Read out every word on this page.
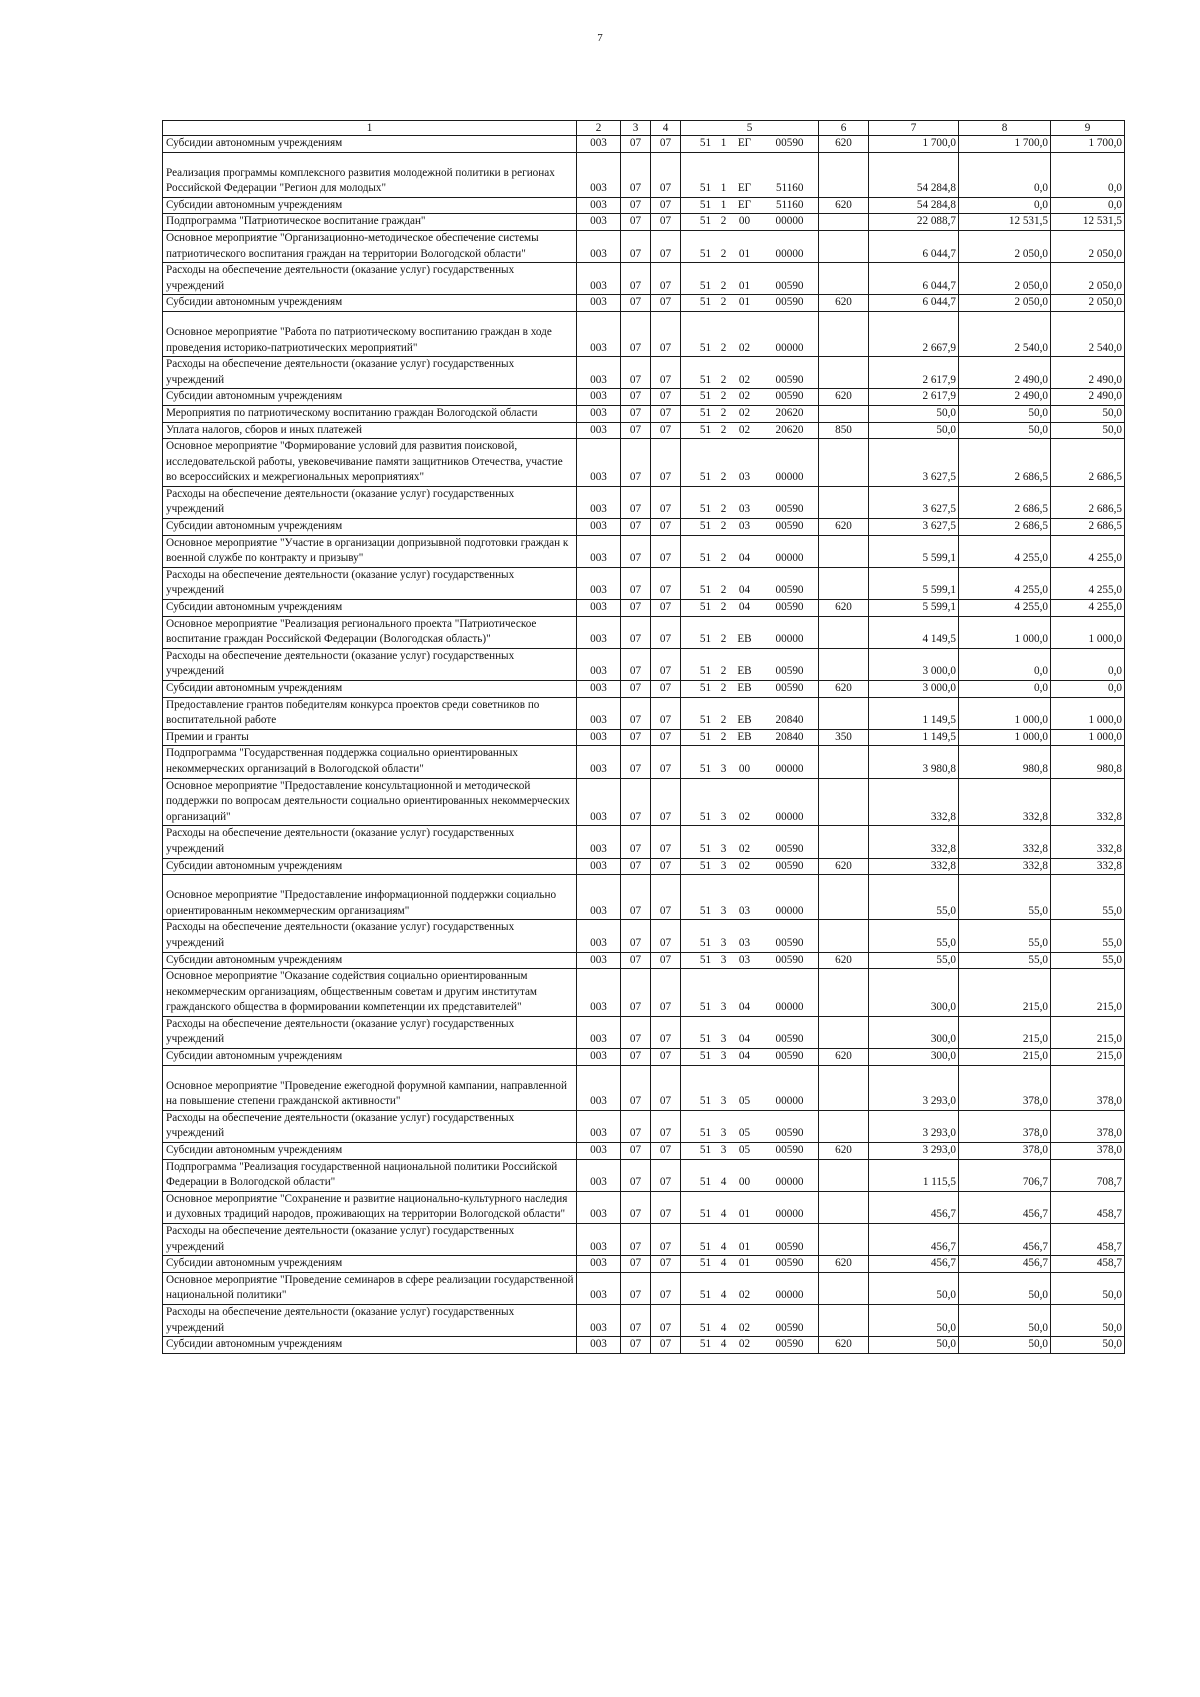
7
1	2	3	4	5	6	7	8	9
Субсидии автономным учреждениям	003	07	07	51 1 ЕГ 00590	620	1 700,0	1 700,0	1 700,0
Реализация программы комплексного развития молодежной политики в регионах Российской Федерации "Регион для молодых"	003	07	07	51 1 ЕГ 51160		54 284,8	0,0	0,0
Субсидии автономным учреждениям	003	07	07	51 1 ЕГ 51160	620	54 284,8	0,0	0,0
Подпрограмма "Патриотическое воспитание граждан"	003	07	07	51 2 00 00000		22 088,7	12 531,5	12 531,5
Основное мероприятие "Организационно-методическое обеспечение системы патриотического воспитания граждан на территории Вологодской области"	003	07	07	51 2 01 00000		6 044,7	2 050,0	2 050,0
Расходы на обеспечение деятельности (оказание услуг) государственных учреждений	003	07	07	51 2 01 00590		6 044,7	2 050,0	2 050,0
Субсидии автономным учреждениям	003	07	07	51 2 01 00590	620	6 044,7	2 050,0	2 050,0
Основное мероприятие "Работа по патриотическому воспитанию граждан в ходе проведения историко-патриотических мероприятий"	003	07	07	51 2 02 00000		2 667,9	2 540,0	2 540,0
Расходы на обеспечение деятельности (оказание услуг) государственных учреждений	003	07	07	51 2 02 00590		2 617,9	2 490,0	2 490,0
Субсидии автономным учреждениям	003	07	07	51 2 02 00590	620	2 617,9	2 490,0	2 490,0
Мероприятия по патриотическому воспитанию граждан Вологодской области	003	07	07	51 2 02 20620		50,0	50,0	50,0
Уплата налогов, сборов и иных платежей	003	07	07	51 2 02 20620	850	50,0	50,0	50,0
Основное мероприятие "Формирование условий для развития поисковой, исследовательской работы, увековечивание памяти защитников Отечества, участие во всероссийских и межрегиональных мероприятиях"	003	07	07	51 2 03 00000		3 627,5	2 686,5	2 686,5
Расходы на обеспечение деятельности (оказание услуг) государственных учреждений	003	07	07	51 2 03 00590		3 627,5	2 686,5	2 686,5
Субсидии автономным учреждениям	003	07	07	51 2 03 00590	620	3 627,5	2 686,5	2 686,5
Основное мероприятие "Участие в организации допризывной подготовки граждан к военной службе по контракту и призыву"	003	07	07	51 2 04 00000		5 599,1	4 255,0	4 255,0
Расходы на обеспечение деятельности (оказание услуг) государственных учреждений	003	07	07	51 2 04 00590		5 599,1	4 255,0	4 255,0
Субсидии автономным учреждениям	003	07	07	51 2 04 00590	620	5 599,1	4 255,0	4 255,0
Основное мероприятие "Реализация регионального проекта "Патриотическое воспитание граждан Российской Федерации (Вологодская область)"	003	07	07	51 2 ЕВ 00000		4 149,5	1 000,0	1 000,0
Расходы на обеспечение деятельности (оказание услуг) государственных учреждений	003	07	07	51 2 ЕВ 00590		3 000,0	0,0	0,0
Субсидии автономным учреждениям	003	07	07	51 2 ЕВ 00590	620	3 000,0	0,0	0,0
Предоставление грантов победителям конкурса проектов среди советников по воспитательной работе	003	07	07	51 2 ЕВ 20840		1 149,5	1 000,0	1 000,0
Премии и гранты	003	07	07	51 2 ЕВ 20840	350	1 149,5	1 000,0	1 000,0
Подпрограмма "Государственная поддержка социально ориентированных некоммерческих организаций в Вологодской области"	003	07	07	51 3 00 00000		3 980,8	980,8	980,8
Основное мероприятие "Предоставление консультационной и методической поддержки по вопросам деятельности социально ориентированных некоммерческих организаций"	003	07	07	51 3 02 00000		332,8	332,8	332,8
Расходы на обеспечение деятельности (оказание услуг) государственных учреждений	003	07	07	51 3 02 00590		332,8	332,8	332,8
Субсидии автономным учреждениям	003	07	07	51 3 02 00590	620	332,8	332,8	332,8
Основное мероприятие "Предоставление информационной поддержки социально ориентированным некоммерческим организациям"	003	07	07	51 3 03 00000		55,0	55,0	55,0
Расходы на обеспечение деятельности (оказание услуг) государственных учреждений	003	07	07	51 3 03 00590		55,0	55,0	55,0
Субсидии автономным учреждениям	003	07	07	51 3 03 00590	620	55,0	55,0	55,0
Основное мероприятие "Оказание содействия социально ориентированным некоммерческим организациям, общественным советам и другим институтам гражданского общества в формировании компетенции их представителей"	003	07	07	51 3 04 00000		300,0	215,0	215,0
Расходы на обеспечение деятельности (оказание услуг) государственных учреждений	003	07	07	51 3 04 00590		300,0	215,0	215,0
Субсидии автономным учреждениям	003	07	07	51 3 04 00590	620	300,0	215,0	215,0
Основное мероприятие "Проведение ежегодной форумной кампании, направленной на повышение степени гражданской активности"	003	07	07	51 3 05 00000		3 293,0	378,0	378,0
Расходы на обеспечение деятельности (оказание услуг) государственных учреждений	003	07	07	51 3 05 00590		3 293,0	378,0	378,0
Субсидии автономным учреждениям	003	07	07	51 3 05 00590	620	3 293,0	378,0	378,0
Подпрограмма "Реализация государственной национальной политики Российской Федерации в Вологодской области"	003	07	07	51 4 00 00000		1 115,5	706,7	708,7
Основное мероприятие "Сохранение и развитие национально-культурного наследия и духовных традиций народов, проживающих на территории Вологодской области"	003	07	07	51 4 01 00000		456,7	456,7	458,7
Расходы на обеспечение деятельности (оказание услуг) государственных учреждений	003	07	07	51 4 01 00590		456,7	456,7	458,7
Субсидии автономным учреждениям	003	07	07	51 4 01 00590	620	456,7	456,7	458,7
Основное мероприятие "Проведение семинаров в сфере реализации государственной национальной политики"	003	07	07	51 4 02 00000		50,0	50,0	50,0
Расходы на обеспечение деятельности (оказание услуг) государственных учреждений	003	07	07	51 4 02 00590		50,0	50,0	50,0
Субсидии автономным учреждениям	003	07	07	51 4 02 00590	620	50,0	50,0	50,0
